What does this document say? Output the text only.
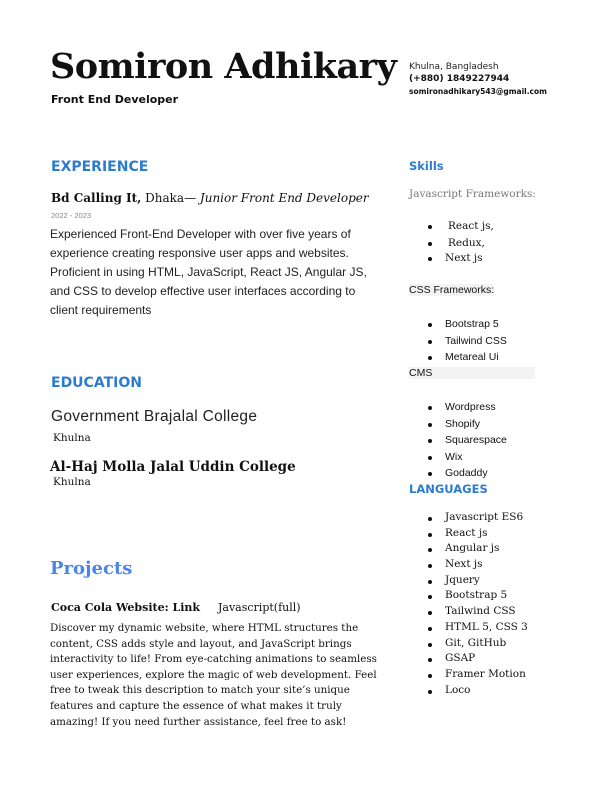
Somiron Adhikary
Front End Developer
Khulna, Bangladesh
(+880) 1849227944
somironadhikary543@gmail.com
EXPERIENCE
Bd Calling It, Dhaka— Junior Front End Developer
2022 - 2023
Experienced Front-End Developer with over five years of experience creating responsive user apps and websites. Proficient in using HTML, JavaScript, React JS, Angular JS, and CSS to develop effective user interfaces according to client requirements
EDUCATION
Government Brajalal College
Khulna
Al-Haj Molla Jalal Uddin College
Khulna
Projects
Coca Cola Website: Link Javascript(full)
Discover my dynamic website, where HTML structures the content, CSS adds style and layout, and JavaScript brings interactivity to life! From eye-catching animations to seamless user experiences, explore the magic of web development. Feel free to tweak this description to match your site’s unique features and capture the essence of what makes it truly amazing! If you need further assistance, feel free to ask!
Skills
Javascript Frameworks:
React js,
Redux,
Next js
CSS Frameworks:
Bootstrap 5
Tailwind CSS
Metareal Ui
CMS
Wordpress
Shopify
Squarespace
Wix
Godaddy
LANGUAGES
Javascript ES6
React js
Angular js
Next js
Jquery
Bootstrap 5
Tailwind CSS
HTML 5, CSS 3
Git, GitHub
GSAP
Framer Motion
Loco
